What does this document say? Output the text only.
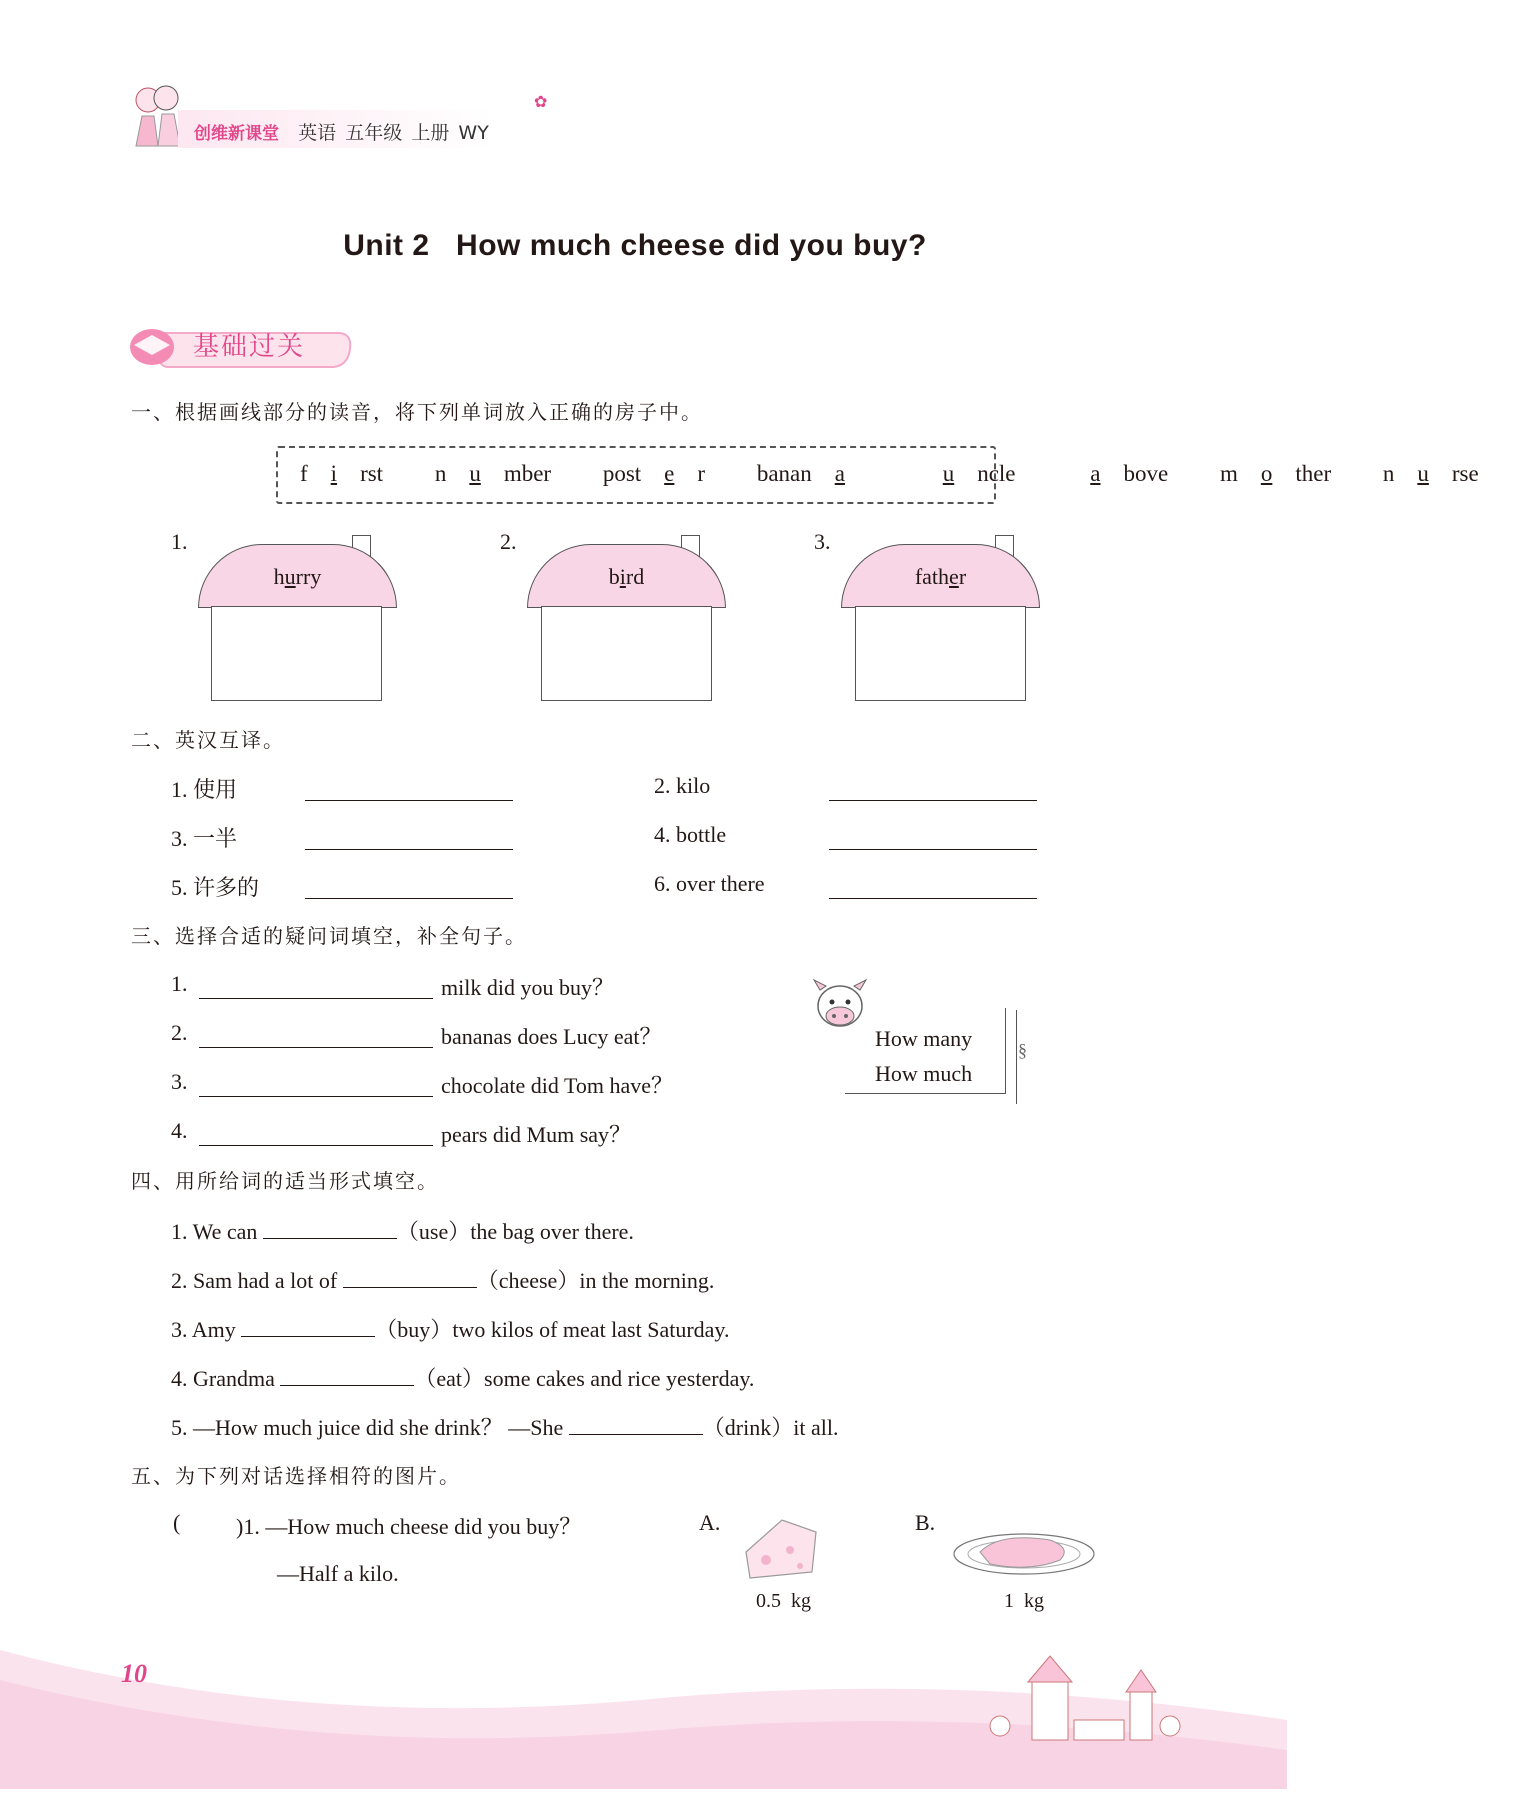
创维新课堂 英语 五年级 上册 WY
✿
Unit 2   How much cheese did you buy?
基础过关
一、根据画线部分的读音，将下列单词放入正确的房子中。
f i rst n u mber post e r banan a	u ncle	a bove m o ther n u rse
1.
hurry
2.
bird
3.
father
二、英汉互译。
1. 使用	2. kilo
3. 一半	4. bottle
5. 许多的	6. over there
三、选择合适的疑问词填空，补全句子。
1.	milk did you buy？
2.	bananas does Lucy eat？
3.	chocolate did Tom have？
4.	pears did Mum say？
§
How many
How much
四、用所给词的适当形式填空。
1. We can	（use）the bag over there.
2. Sam had a lot of	（cheese）in the morning.
3. Amy	（buy）two kilos of meat last Saturday.
4. Grandma	（eat）some cakes and rice yesterday.
5. —How much juice did she drink？ —She	（drink）it all.
五、为下列对话选择相符的图片。
(	)1. —How much cheese did you buy？
—Half a kilo.
A.
0.5  kg
B.
1  kg
10
